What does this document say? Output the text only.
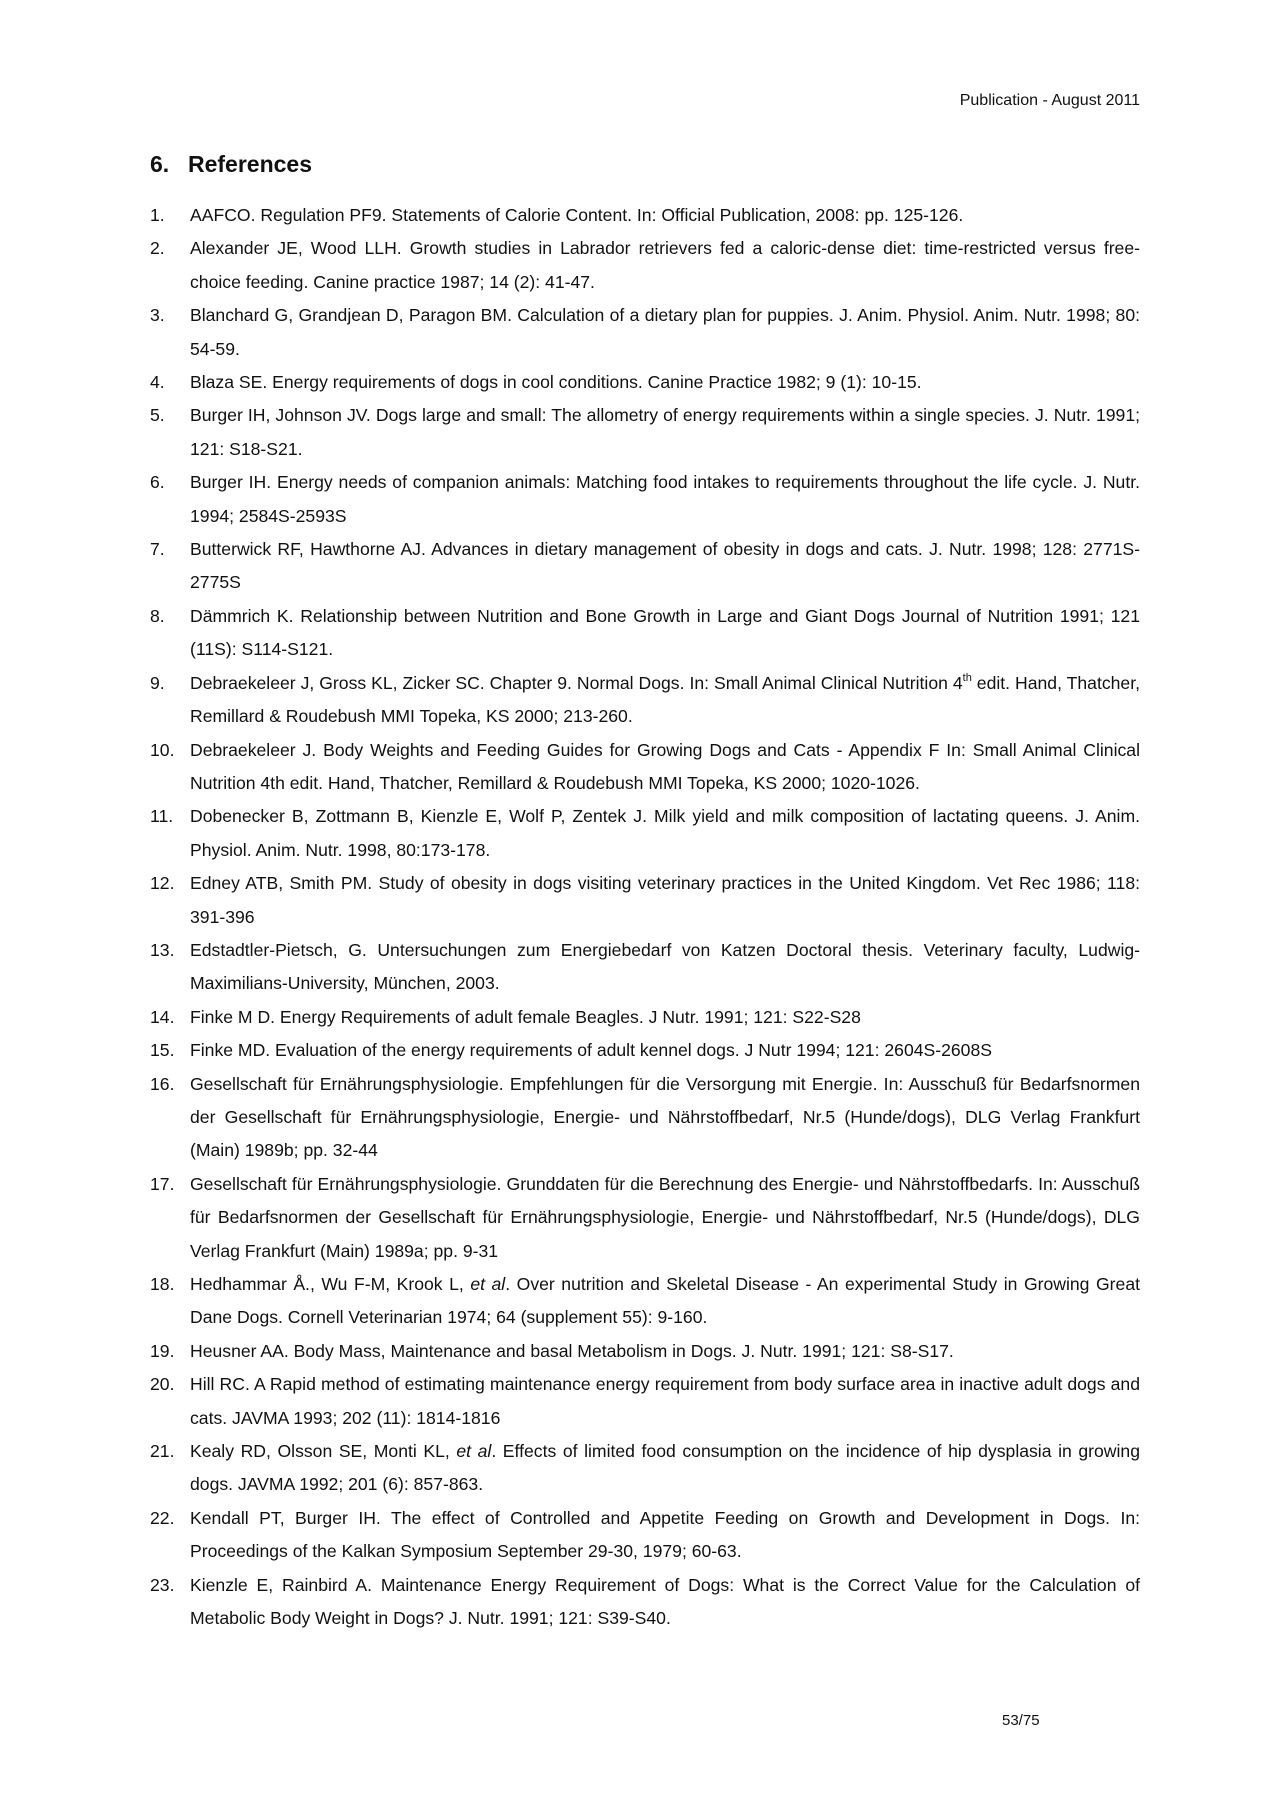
Publication - August 2011
6. References
1. AAFCO. Regulation PF9. Statements of Calorie Content. In: Official Publication, 2008: pp. 125-126.
2. Alexander JE, Wood LLH. Growth studies in Labrador retrievers fed a caloric-dense diet: time-restricted versus free-choice feeding. Canine practice 1987; 14 (2): 41-47.
3. Blanchard G, Grandjean D, Paragon BM. Calculation of a dietary plan for puppies. J. Anim. Physiol. Anim. Nutr. 1998; 80: 54-59.
4. Blaza SE. Energy requirements of dogs in cool conditions. Canine Practice 1982; 9 (1): 10-15.
5. Burger IH, Johnson JV. Dogs large and small: The allometry of energy requirements within a single species. J. Nutr. 1991; 121: S18-S21.
6. Burger IH. Energy needs of companion animals: Matching food intakes to requirements throughout the life cycle. J. Nutr. 1994; 2584S-2593S
7. Butterwick RF, Hawthorne AJ. Advances in dietary management of obesity in dogs and cats. J. Nutr. 1998; 128: 2771S-2775S
8. Dämmrich K. Relationship between Nutrition and Bone Growth in Large and Giant Dogs Journal of Nutrition 1991; 121 (11S): S114-S121.
9. Debraekeleer J, Gross KL, Zicker SC. Chapter 9. Normal Dogs. In: Small Animal Clinical Nutrition 4th edit. Hand, Thatcher, Remillard & Roudebush MMI Topeka, KS 2000; 213-260.
10. Debraekeleer J. Body Weights and Feeding Guides for Growing Dogs and Cats - Appendix F In: Small Animal Clinical Nutrition 4th edit. Hand, Thatcher, Remillard & Roudebush MMI Topeka, KS 2000; 1020-1026.
11. Dobenecker B, Zottmann B, Kienzle E, Wolf P, Zentek J. Milk yield and milk composition of lactating queens. J. Anim. Physiol. Anim. Nutr. 1998, 80:173-178.
12. Edney ATB, Smith PM. Study of obesity in dogs visiting veterinary practices in the United Kingdom. Vet Rec 1986; 118: 391-396
13. Edstadtler-Pietsch, G. Untersuchungen zum Energiebedarf von Katzen Doctoral thesis. Veterinary faculty, Ludwig-Maximilians-University, München, 2003.
14. Finke M D. Energy Requirements of adult female Beagles. J Nutr. 1991; 121: S22-S28
15. Finke MD. Evaluation of the energy requirements of adult kennel dogs. J Nutr 1994; 121: 2604S-2608S
16. Gesellschaft für Ernährungsphysiologie. Empfehlungen für die Versorgung mit Energie. In: Ausschuß für Bedarfsnormen der Gesellschaft für Ernährungsphysiologie, Energie- und Nährstoffbedarf, Nr.5 (Hunde/dogs), DLG Verlag Frankfurt (Main) 1989b; pp. 32-44
17. Gesellschaft für Ernährungsphysiologie. Grunddaten für die Berechnung des Energie- und Nährstoffbedarfs. In: Ausschuß für Bedarfsnormen der Gesellschaft für Ernährungsphysiologie, Energie- und Nährstoffbedarf, Nr.5 (Hunde/dogs), DLG Verlag Frankfurt (Main) 1989a; pp. 9-31
18. Hedhammar Å., Wu F-M, Krook L, et al. Over nutrition and Skeletal Disease - An experimental Study in Growing Great Dane Dogs. Cornell Veterinarian 1974; 64 (supplement 55): 9-160.
19. Heusner AA. Body Mass, Maintenance and basal Metabolism in Dogs. J. Nutr. 1991; 121: S8-S17.
20. Hill RC. A Rapid method of estimating maintenance energy requirement from body surface area in inactive adult dogs and cats. JAVMA 1993; 202 (11): 1814-1816
21. Kealy RD, Olsson SE, Monti KL, et al. Effects of limited food consumption on the incidence of hip dysplasia in growing dogs. JAVMA 1992; 201 (6): 857-863.
22. Kendall PT, Burger IH. The effect of Controlled and Appetite Feeding on Growth and Development in Dogs. In: Proceedings of the Kalkan Symposium September 29-30, 1979; 60-63.
23. Kienzle E, Rainbird A. Maintenance Energy Requirement of Dogs: What is the Correct Value for the Calculation of Metabolic Body Weight in Dogs? J. Nutr. 1991; 121: S39-S40.
53/75
